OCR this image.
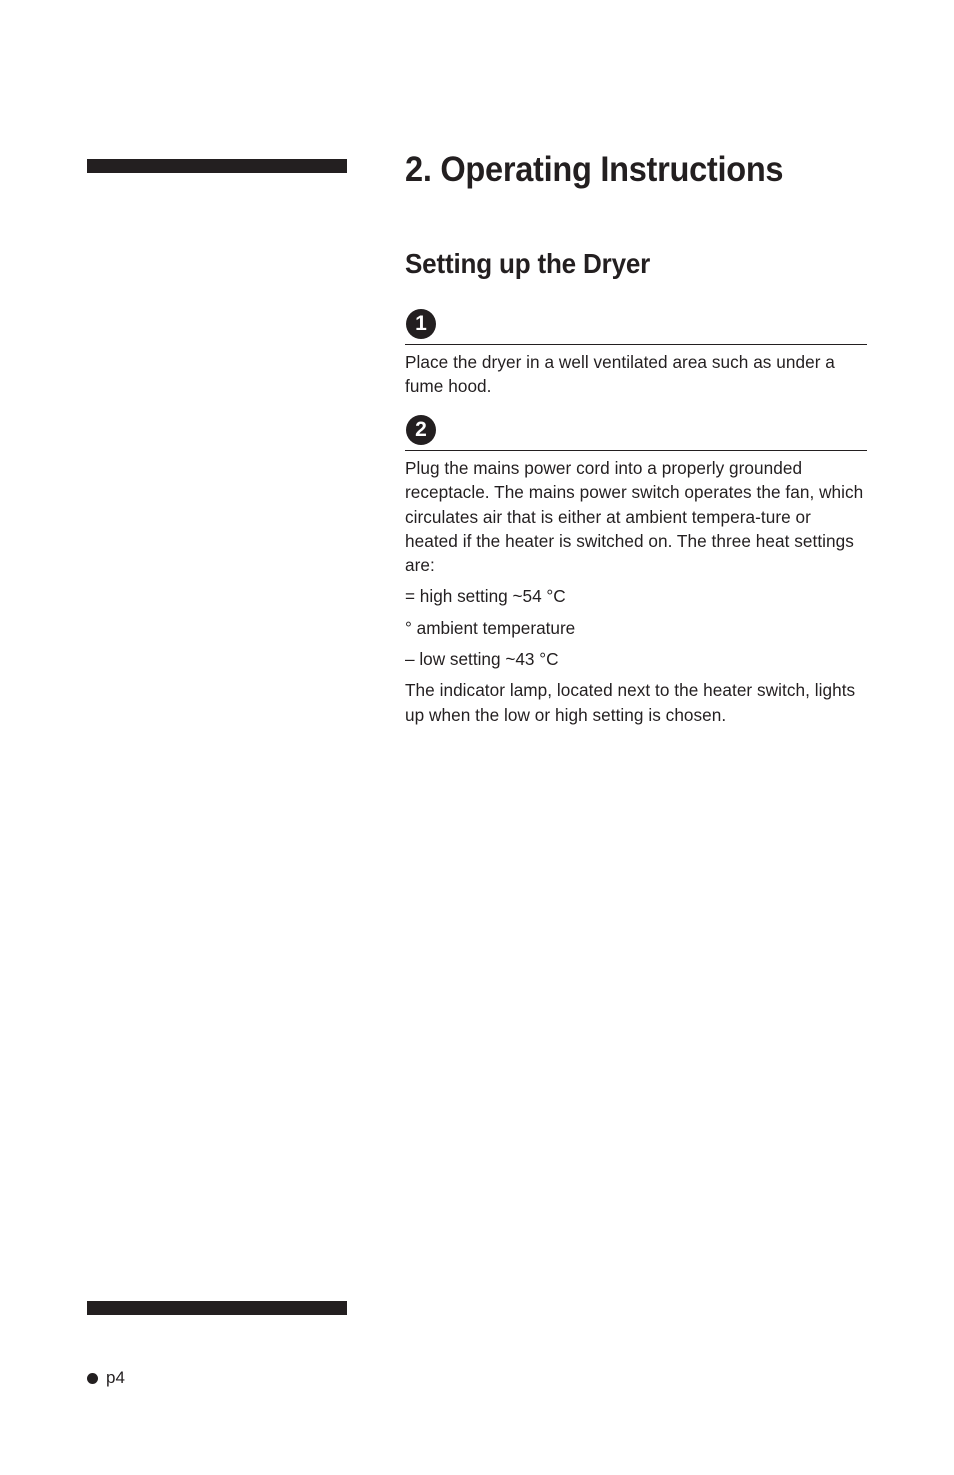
2. Operating Instructions
Setting up the Dryer
1

Place the dryer in a well ventilated area such as under a fume hood.

2

Plug the mains power cord into a properly grounded receptacle. The mains power switch operates the fan, which circulates air that is either at ambient tempera-ture or heated if the heater is switched on. The three heat settings are:

= high setting ~54 °C

° ambient temperature

– low setting ~43 °C

The indicator lamp, located next to the heater switch, lights up when the low or high setting is chosen.

p4
